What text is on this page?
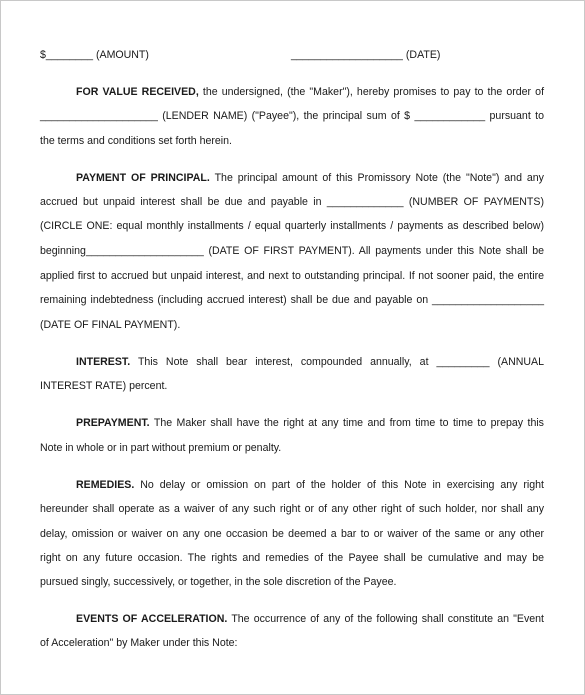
$________ (AMOUNT)	___________________ (DATE)
FOR VALUE RECEIVED, the undersigned, (the "Maker"), hereby promises to pay to the order of
____________________ (LENDER NAME) ("Payee"), the principal sum of $ ____________ pursuant to
the terms and conditions set forth herein.
PAYMENT OF PRINCIPAL. The principal amount of this Promissory Note (the "Note") and any
accrued but unpaid interest shall be due and payable in _____________ (NUMBER OF PAYMENTS)
(CIRCLE ONE: equal monthly installments / equal quarterly installments / payments as described below)
beginning____________________ (DATE OF FIRST PAYMENT). All payments under this Note shall be
applied first to accrued but unpaid interest, and next to outstanding principal. If not sooner paid, the entire
remaining indebtedness (including accrued interest) shall be due and payable on ___________________
(DATE OF FINAL PAYMENT).
INTEREST. This Note shall bear interest, compounded annually, at _________ (ANNUAL
INTEREST RATE) percent.
PREPAYMENT. The Maker shall have the right at any time and from time to time to prepay this
Note in whole or in part without premium or penalty.
REMEDIES. No delay or omission on part of the holder of this Note in exercising any right
hereunder shall operate as a waiver of any such right or of any other right of such holder, nor shall any
delay, omission or waiver on any one occasion be deemed a bar to or waiver of the same or any other
right on any future occasion. The rights and remedies of the Payee shall be cumulative and may be
pursued singly, successively, or together, in the sole discretion of the Payee.
EVENTS OF ACCELERATION. The occurrence of any of the following shall constitute an "Event
of Acceleration" by Maker under this Note:
